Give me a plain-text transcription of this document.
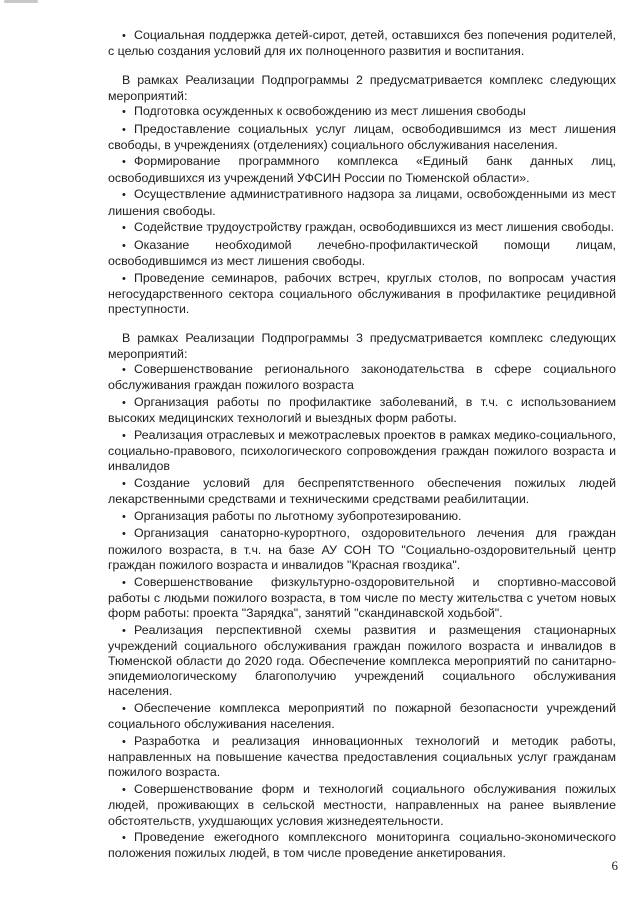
• Социальная поддержка детей-сирот, детей, оставшихся без попечения родителей, с целью создания условий для их полноценного развития и воспитания.

В рамках Реализации Подпрограммы 2 предусматривается комплекс следующих мероприятий:

• Подготовка осужденных к освобождению из мест лишения свободы
• Предоставление социальных услуг лицам, освободившимся из мест лишения свободы, в учреждениях (отделениях) социального обслуживания населения.
• Формирование программного комплекса «Единый банк данных лиц, освободившихся из учреждений УФСИН России по Тюменской области».
• Осуществление административного надзора за лицами, освобожденными из мест лишения свободы.
• Содействие трудоустройству граждан, освободившихся из мест лишения свободы.
• Оказание необходимой лечебно-профилактической помощи лицам, освободившимся из мест лишения свободы.
• Проведение семинаров, рабочих встреч, круглых столов, по вопросам участия негосударственного сектора социального обслуживания в профилактике рецидивной преступности.

В рамках Реализации Подпрограммы 3 предусматривается комплекс следующих мероприятий:

• Совершенствование регионального законодательства в сфере социального обслуживания граждан пожилого возраста
• Организация работы по профилактике заболеваний, в т.ч. с использованием высоких медицинских технологий и выездных форм работы.
• Реализация отраслевых и межотраслевых проектов в рамках медико-социального, социально-правового, психологического сопровождения граждан пожилого возраста и инвалидов
• Создание условий для беспрепятственного обеспечения пожилых людей лекарственными средствами и техническими средствами реабилитации.
• Организация работы по льготному зубопротезированию.
• Организация санаторно-курортного, оздоровительного лечения для граждан пожилого возраста, в т.ч. на базе АУ СОН ТО "Социально-оздоровительный центр граждан пожилого возраста и инвалидов "Красная гвоздика".
• Совершенствование физкультурно-оздоровительной и спортивно-массовой работы с людьми пожилого возраста, в том числе по месту жительства с учетом новых форм работы: проекта "Зарядка", занятий "скандинавской ходьбой".
• Реализация перспективной схемы развития и размещения стационарных учреждений социального обслуживания граждан пожилого возраста и инвалидов в Тюменской области до 2020 года. Обеспечение комплекса мероприятий по санитарно-эпидемиологическому благополучию учреждений социального обслуживания населения.
• Обеспечение комплекса мероприятий по пожарной безопасности учреждений социального обслуживания населения.
• Разработка и реализация инновационных технологий и методик работы, направленных на повышение качества предоставления социальных услуг гражданам пожилого возраста.
• Совершенствование форм и технологий социального обслуживания пожилых людей, проживающих в сельской местности, направленных на ранее выявление обстоятельств, ухудшающих условия жизнедеятельности.
• Проведение ежегодного комплексного мониторинга социально-экономического положения пожилых людей, в том числе проведение анкетирования.
6
